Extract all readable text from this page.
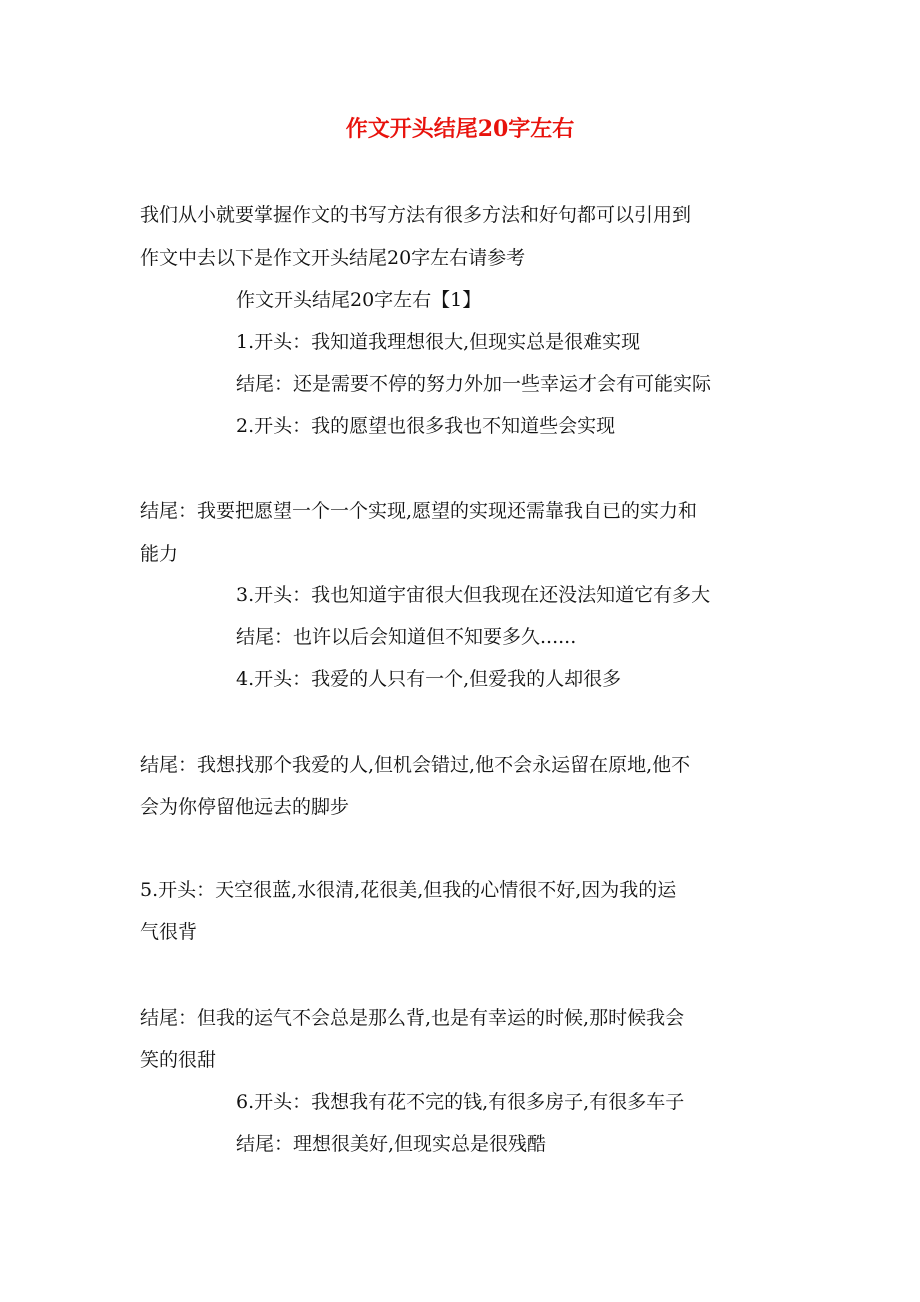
作文开头结尾20字左右
我们从小就要掌握作文的书写方法有很多方法和好句都可以引用到
作文中去以下是作文开头结尾20字左右请参考
作文开头结尾20字左右【1】
1.开头：我知道我理想很大,但现实总是很难实现
结尾：还是需要不停的努力外加一些幸运才会有可能实际
2.开头：我的愿望也很多我也不知道些会实现
结尾：我要把愿望一个一个实现,愿望的实现还需靠我自已的实力和
能力
3.开头：我也知道宇宙很大但我现在还没法知道它有多大
结尾：也许以后会知道但不知要多久......
4.开头：我爱的人只有一个,但爱我的人却很多
结尾：我想找那个我爱的人,但机会错过,他不会永运留在原地,他不
会为你停留他远去的脚步
5.开头：天空很蓝,水很清,花很美,但我的心情很不好,因为我的运
气很背
结尾：但我的运气不会总是那么背,也是有幸运的时候,那时候我会
笑的很甜
6.开头：我想我有花不完的钱,有很多房子,有很多车子
结尾：理想很美好,但现实总是很残酷
